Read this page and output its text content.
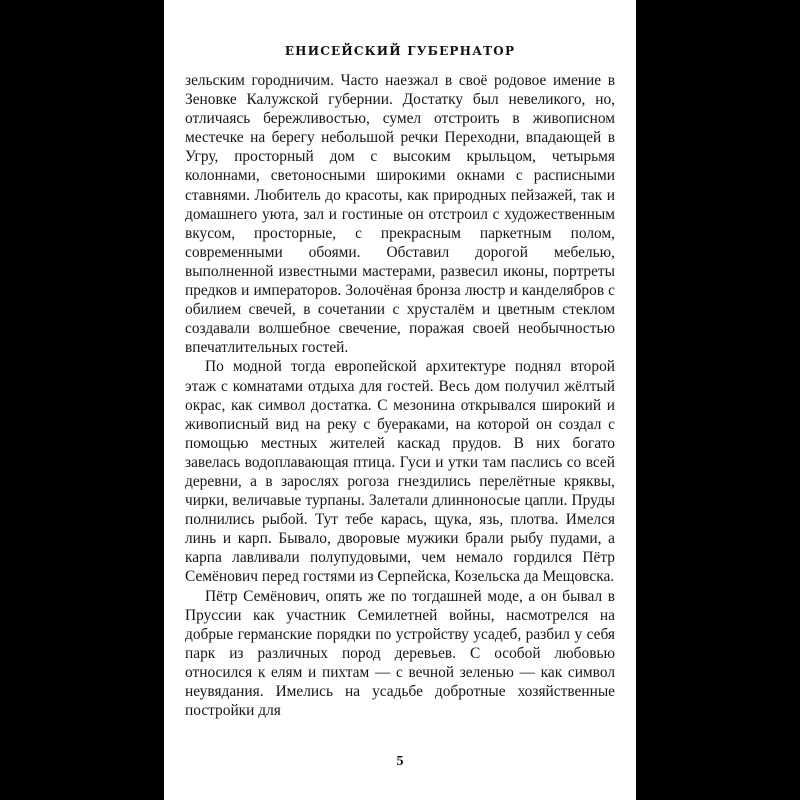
ЕНИСЕЙСКИЙ ГУБЕРНАТОР

зельским городничим. Часто наезжал в своё родовое имение в Зеновке Калужской губернии. Достатку был невеликого, но, отличаясь бережливостью, сумел отстроить в живописном местечке на берегу небольшой речки Переходни, впадающей в Угру, просторный дом с высоким крыльцом, четырьмя колоннами, светоносными широкими окнами с расписными ставнями. Любитель до красоты, как природных пейзажей, так и домашнего уюта, зал и гостиные он отстроил с художественным вкусом, просторные, с прекрасным паркетным полом, современными обоями. Обставил дорогой мебелью, выполненной известными мастерами, развесил иконы, портреты предков и императоров. Золочёная бронза люстр и канделябров с обилием свечей, в сочетании с хрусталём и цветным стеклом создавали волшебное свечение, поражая своей необычностью впечатлительных гостей.

По модной тогда европейской архитектуре поднял второй этаж с комнатами отдыха для гостей. Весь дом получил жёлтый окрас, как символ достатка. С мезонина открывался широкий и живописный вид на реку с буераками, на которой он создал с помощью местных жителей каскад прудов. В них богато завелась водоплавающая птица. Гуси и утки там паслись со всей деревни, а в зарослях рогоза гнездились перелётные кряквы, чирки, величавые турпаны. Залетали длинноносые цапли. Пруды полнились рыбой. Тут тебе карась, щука, язь, плотва. Имелся линь и карп. Бывало, дворовые мужики брали рыбу пудами, а карпа лавливали полупудовыми, чем немало гордился Пётр Семёнович перед гостями из Серпейска, Козельска да Мещовска.

Пётр Семёнович, опять же по тогдашней моде, а он бывал в Пруссии как участник Семилетней войны, насмотрелся на добрые германские порядки по устройству усадеб, разбил у себя парк из различных пород деревьев. С особой любовью относился к елям и пихтам — с вечной зеленью — как символ неувядания. Имелись на усадьбе добротные хозяйственные постройки для

5
